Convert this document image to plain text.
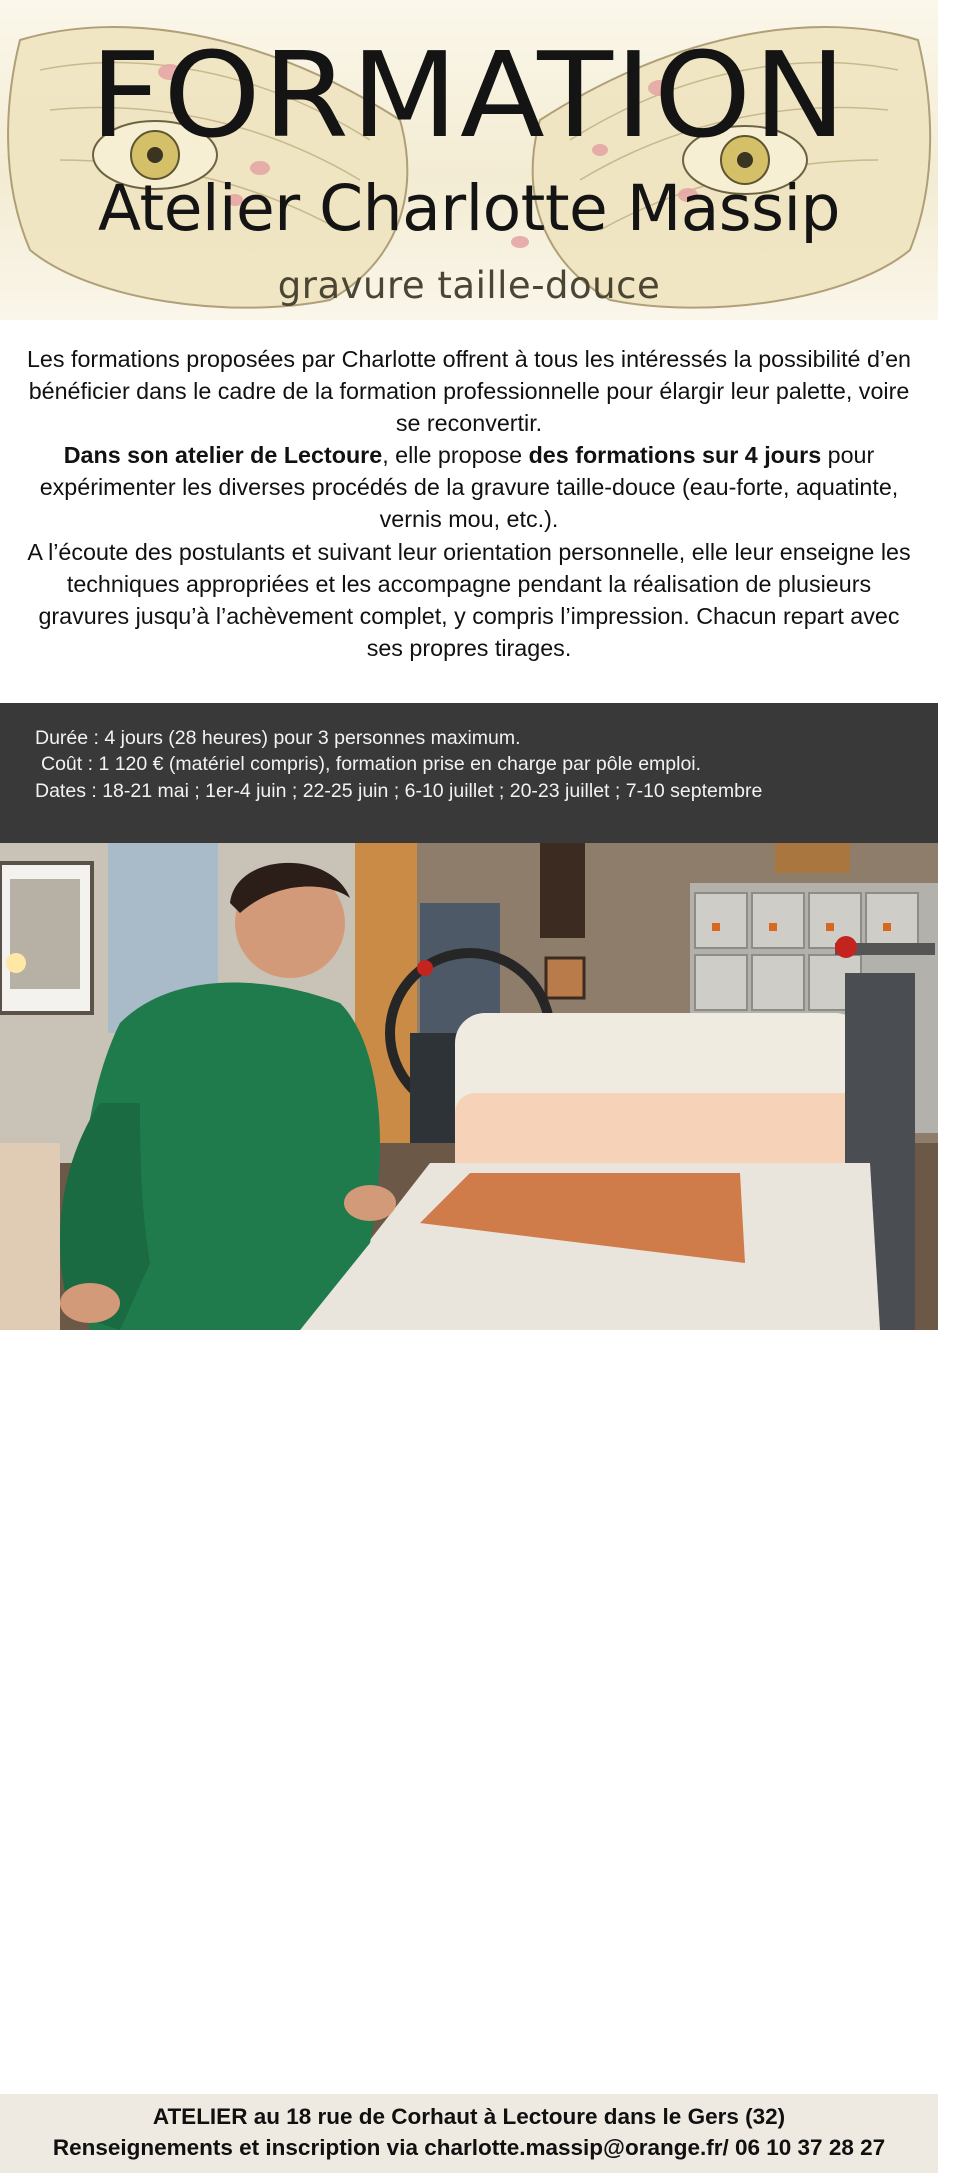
FORMATION
Atelier Charlotte Massip
gravure taille-douce
Les formations proposées par Charlotte offrent à tous les intéressés la possibilité d’en bénéficier dans le cadre de la formation professionnelle pour élargir leur palette, voire se reconvertir.
Dans son atelier de Lectoure, elle propose des formations sur 4 jours pour expérimenter les diverses procédés de la gravure taille-douce (eau-forte, aquatinte, vernis mou, etc.).
A l’écoute des postulants et suivant leur orientation personnelle, elle leur enseigne les techniques appropriées et les accompagne pendant la réalisation de plusieurs gravures jusqu’à l’achèvement complet, y compris l’impression. Chacun repart avec ses propres tirages.
Durée : 4 jours (28 heures) pour 3 personnes maximum.
Coût : 1 120 € (matériel compris), formation prise en charge par pôle emploi.
Dates : 18-21 mai ; 1er-4 juin ; 22-25 juin ; 6-10 juillet ; 20-23 juillet ; 7-10 septembre
ATELIER au 18 rue de Corhaut à Lectoure dans le Gers (32)
Renseignements et inscription via charlotte.massip@orange.fr/ 06 10 37 28 27
